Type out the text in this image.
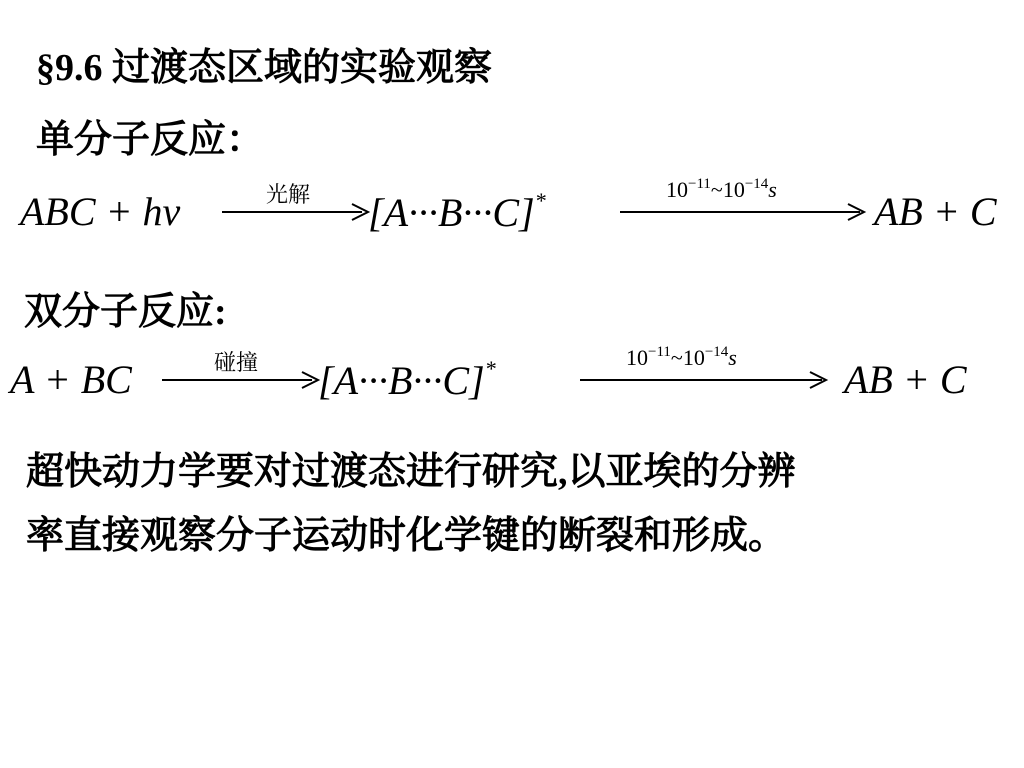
§9.6 过渡态区域的实验观察
单分子反应：
ABC + hν	光解 [A···B···C]*	$10^{-11}\sim 10^{-14}s$ AB + C
双分子反应:
A + BC	碰撞 [A···B···C]*	$10^{-11}\sim 10^{-14}s$	AB + C
超快动力学要对过渡态进行研究,以亚埃的分辨
率直接观察分子运动时化学键的断裂和形成。
